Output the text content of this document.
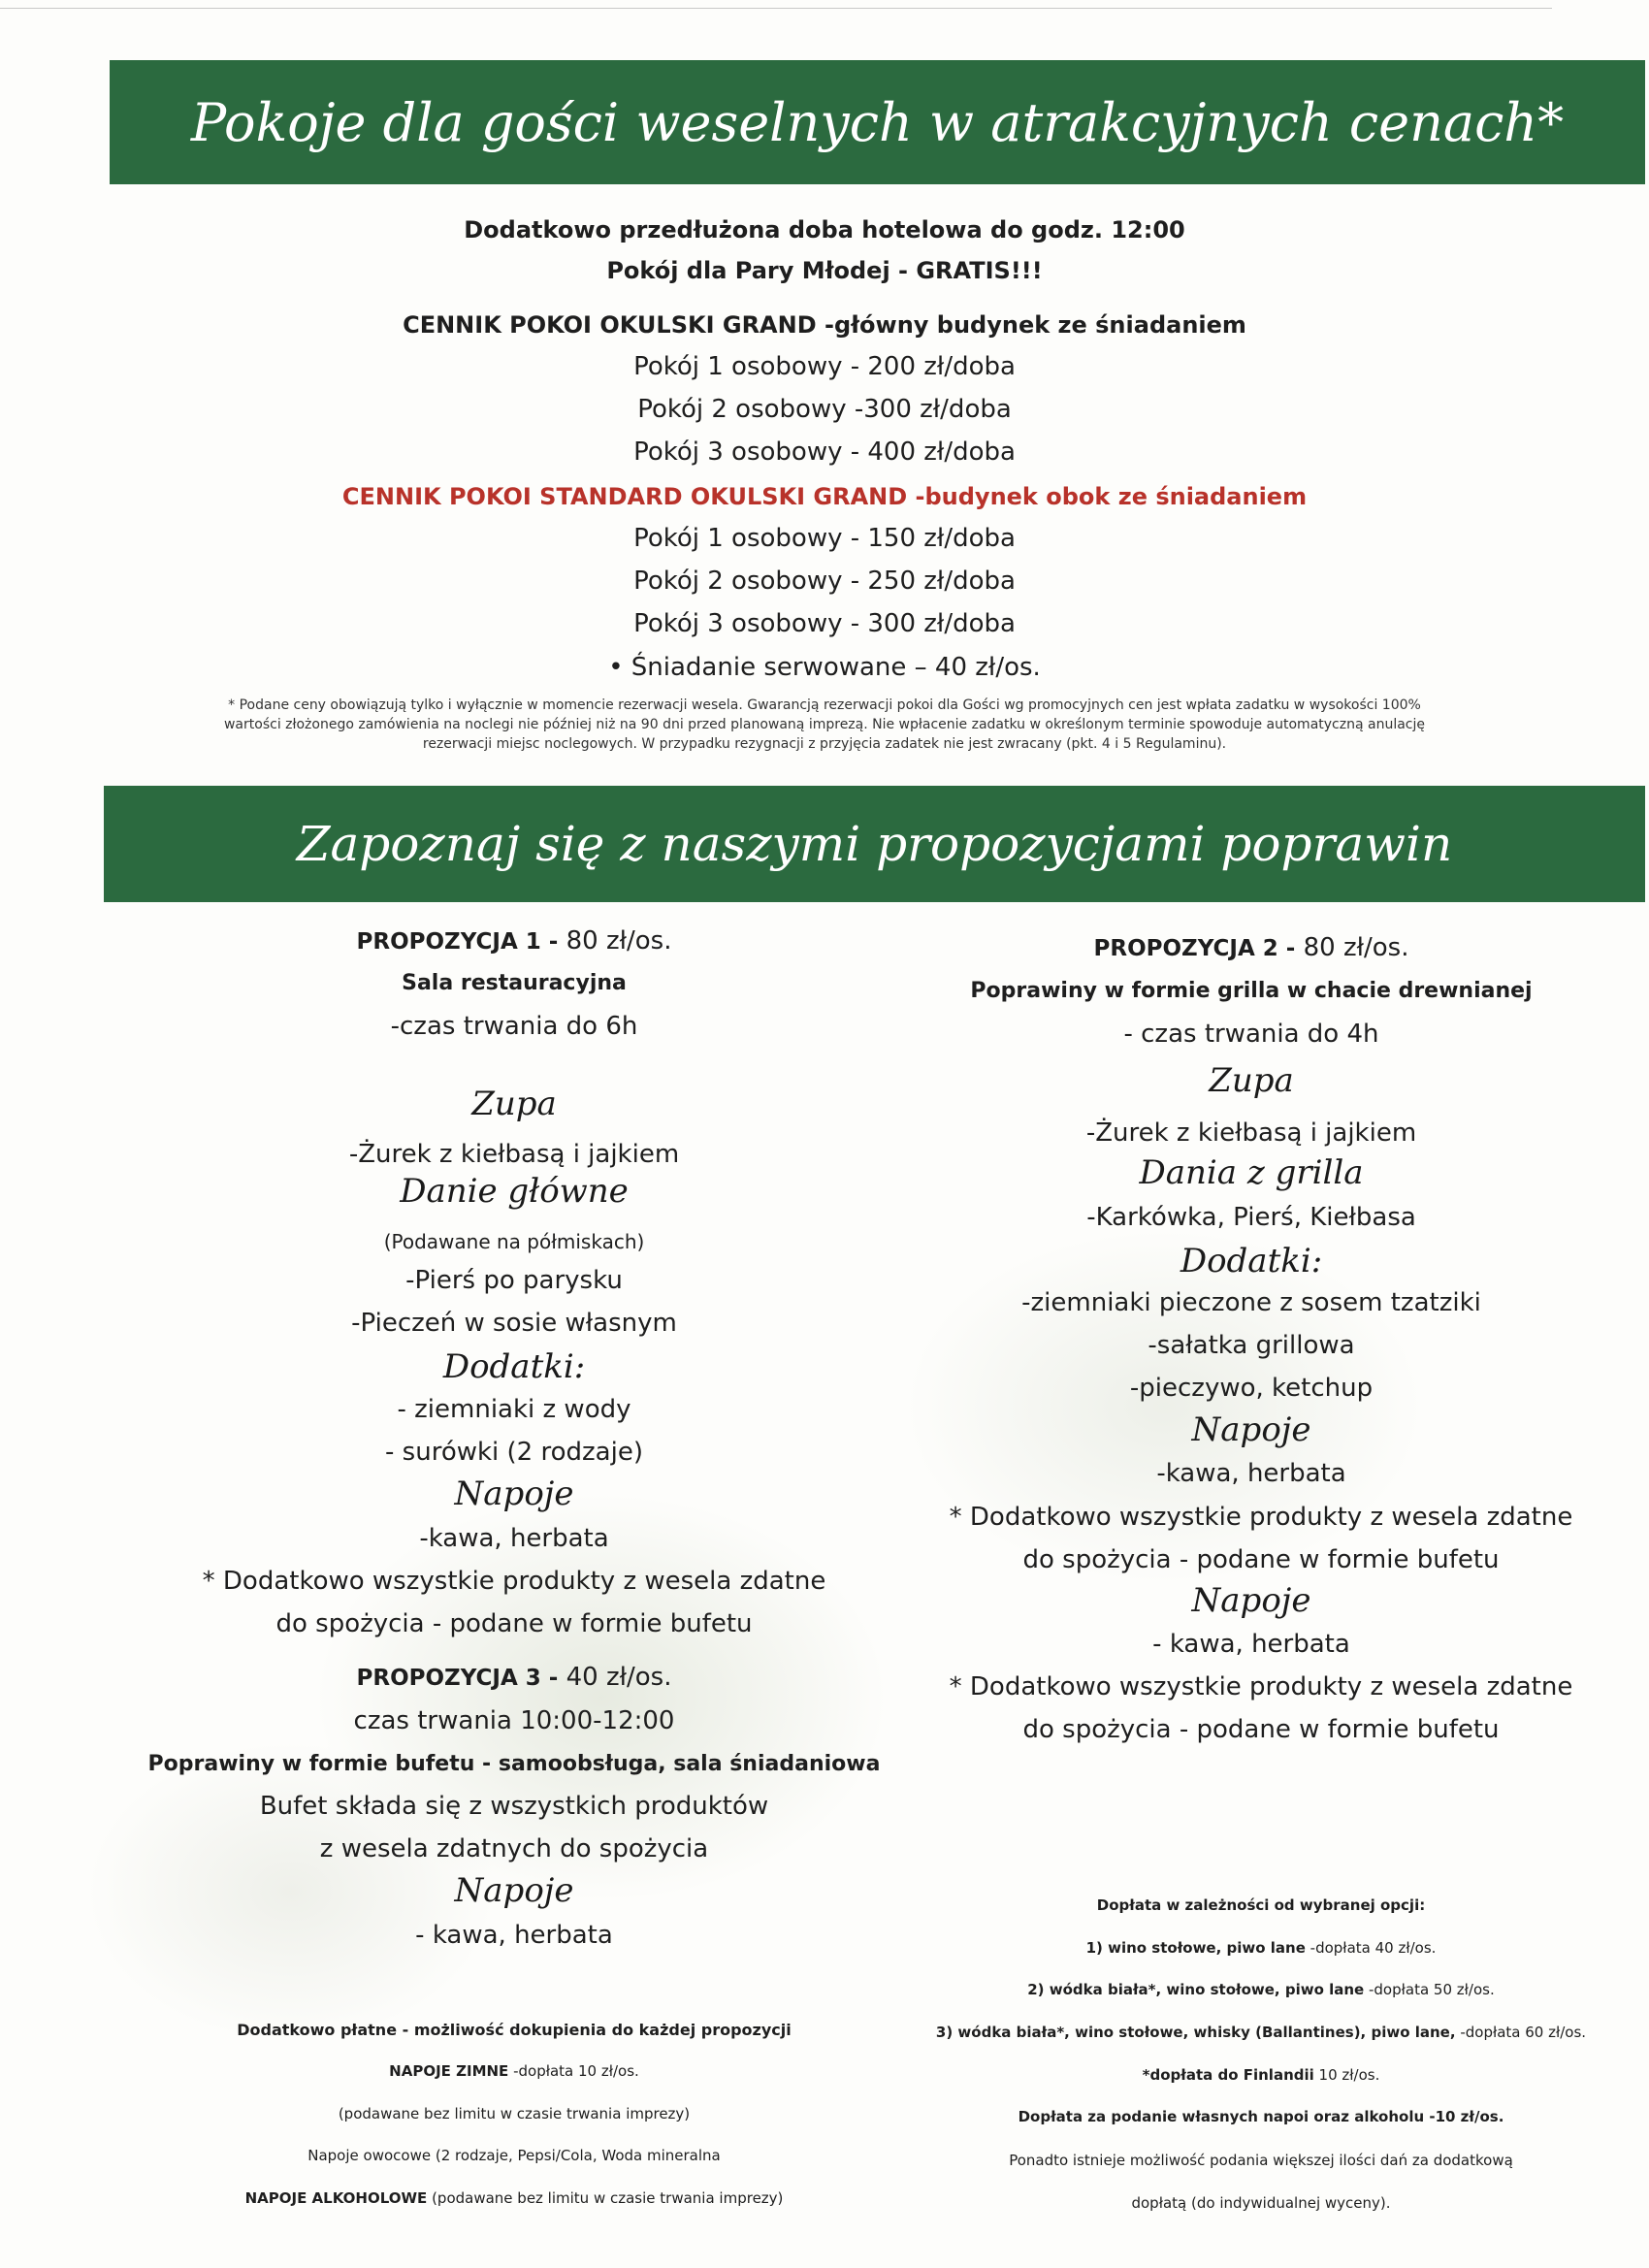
Pokoje dla gości weselnych w atrakcyjnych cenach*
Dodatkowo przedłużona doba hotelowa do godz. 12:00
Pokój dla Pary Młodej - GRATIS!!!
CENNIK POKOI OKULSKI GRAND -główny budynek ze śniadaniem
Pokój 1 osobowy - 200 zł/doba
Pokój 2 osobowy -300 zł/doba
Pokój 3 osobowy - 400 zł/doba
CENNIK POKOI STANDARD OKULSKI GRAND -budynek obok ze śniadaniem
Pokój 1 osobowy - 150 zł/doba
Pokój 2 osobowy - 250 zł/doba
Pokój 3 osobowy - 300 zł/doba
• Śniadanie serwowane – 40 zł/os.
* Podane ceny obowiązują tylko i wyłącznie w momencie rezerwacji wesela. Gwarancją rezerwacji pokoi dla Gości wg promocyjnych cen jest wpłata zadatku w wysokości 100%
wartości złożonego zamówienia na noclegi nie później niż na 90 dni przed planowaną imprezą. Nie wpłacenie zadatku w określonym terminie spowoduje automatyczną anulację
rezerwacji miejsc noclegowych. W przypadku rezygnacji z przyjęcia zadatek nie jest zwracany (pkt. 4 i 5 Regulaminu).
Zapoznaj się z naszymi propozycjami poprawin
PROPOZYCJA 1 - 80 zł/os.
Sala restauracyjna
-czas trwania do 6h
Zupa
-Żurek z kiełbasą i jajkiem
Danie główne
(Podawane na półmiskach)
-Pierś po parysku
-Pieczeń w sosie własnym
Dodatki:
- ziemniaki z wody
- surówki (2 rodzaje)
Napoje
-kawa, herbata
* Dodatkowo wszystkie produkty z wesela zdatne
do spożycia - podane w formie bufetu
PROPOZYCJA 3 - 40 zł/os.
czas trwania 10:00-12:00
Poprawiny w formie bufetu - samoobsługa, sala śniadaniowa
Bufet składa się z wszystkich produktów
z wesela zdatnych do spożycia
Napoje
- kawa, herbata
PROPOZYCJA 2 - 80 zł/os.
Poprawiny w formie grilla w chacie drewnianej
- czas trwania do 4h
Zupa
-Żurek z kiełbasą i jajkiem
Dania z grilla
-Karkówka, Pierś, Kiełbasa
Dodatki:
-ziemniaki pieczone z sosem tzatziki
-sałatka grillowa
-pieczywo, ketchup
Napoje
-kawa, herbata
* Dodatkowo wszystkie produkty z wesela zdatne
do spożycia - podane w formie bufetu
Napoje
- kawa, herbata
* Dodatkowo wszystkie produkty z wesela zdatne
do spożycia - podane w formie bufetu
Dodatkowo płatne - możliwość dokupienia do każdej propozycji
NAPOJE ZIMNE -dopłata 10 zł/os.
(podawane bez limitu w czasie trwania imprezy)
Napoje owocowe (2 rodzaje, Pepsi/Cola, Woda mineralna
NAPOJE ALKOHOLOWE (podawane bez limitu w czasie trwania imprezy)
Dopłata w zależności od wybranej opcji:
1) wino stołowe, piwo lane -dopłata 40 zł/os.
2) wódka biała*, wino stołowe, piwo lane -dopłata 50 zł/os.
3) wódka biała*, wino stołowe, whisky (Ballantines), piwo lane, -dopłata 60 zł/os.
*dopłata do Finlandii 10 zł/os.
Dopłata za podanie własnych napoi oraz alkoholu -10 zł/os.
Ponadto istnieje możliwość podania większej ilości dań za dodatkową
dopłatą (do indywidualnej wyceny).
